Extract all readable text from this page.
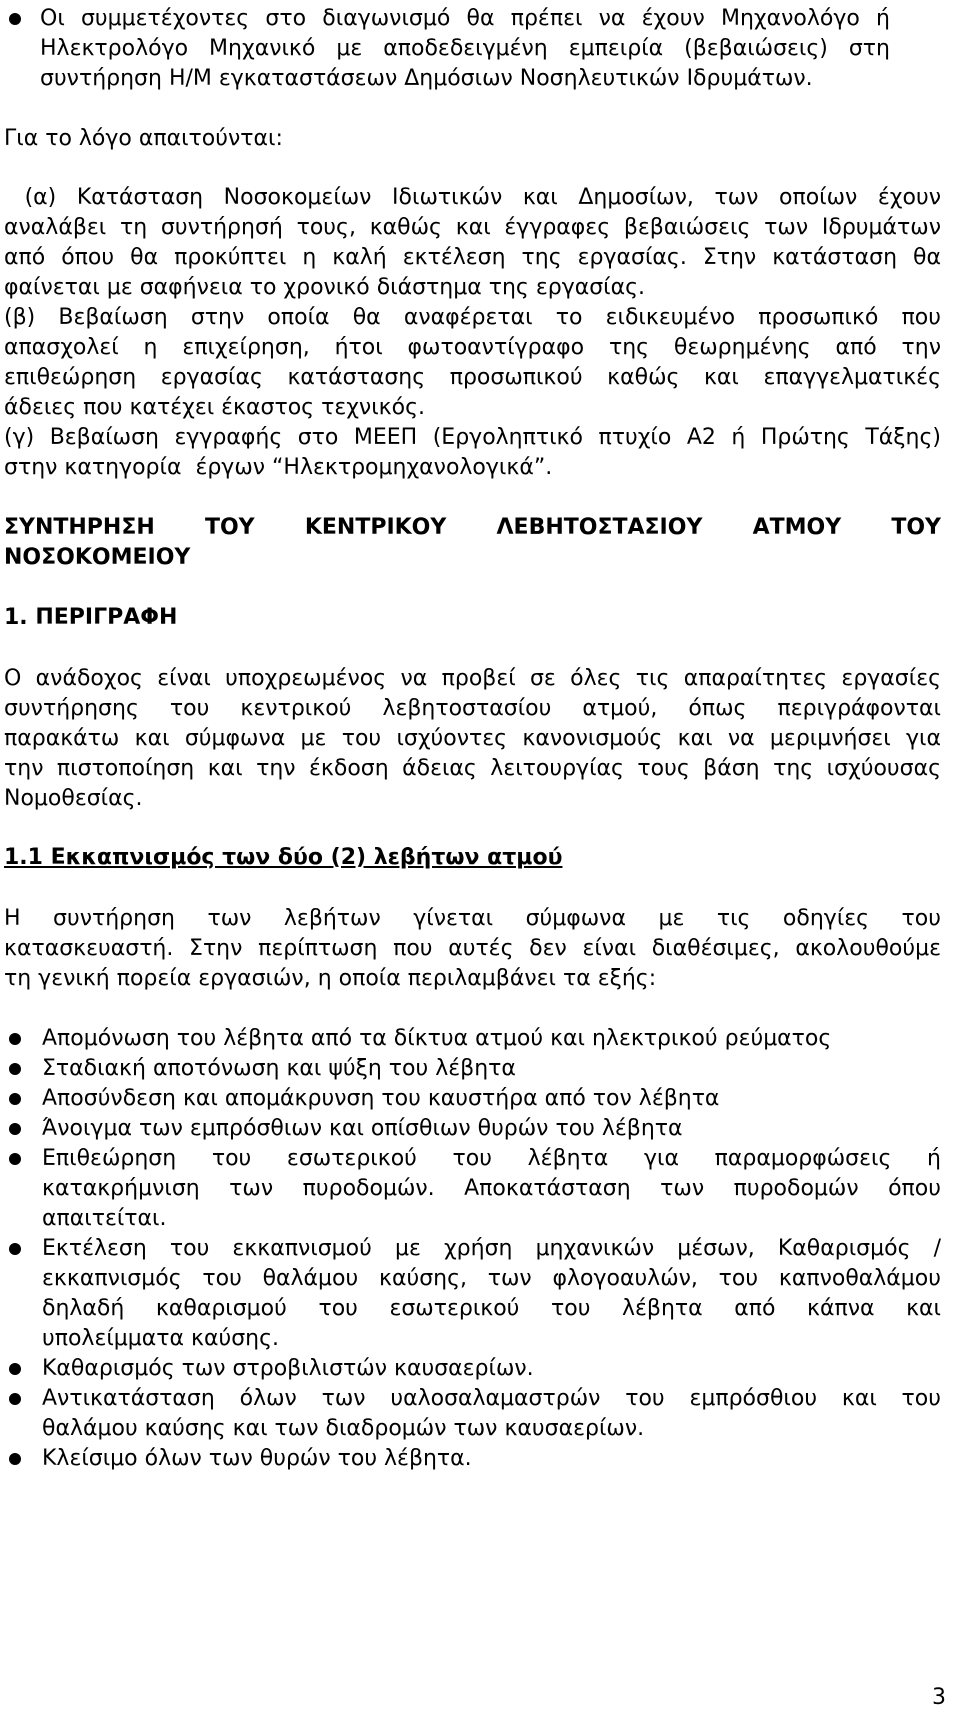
Οι συμμετέχοντες στο διαγωνισμό θα πρέπει να έχουν Μηχανολόγο ή
Ηλεκτρολόγο Μηχανικό με αποδεδειγμένη εμπειρία (βεβαιώσεις) στη
συντήρηση Η/Μ εγκαταστάσεων Δημόσιων Νοσηλευτικών Ιδρυμάτων.
Για το λόγο απαιτούνται:
(α) Κατάσταση Νοσοκομείων Ιδιωτικών και Δημοσίων, των οποίων έχουν
αναλάβει τη συντήρησή τους, καθώς και έγγραφες βεβαιώσεις των Ιδρυμάτων
από όπου θα προκύπτει η καλή εκτέλεση της εργασίας. Στην κατάσταση θα
φαίνεται με σαφήνεια το χρονικό διάστημα της εργασίας.
(β) Βεβαίωση στην οποία θα αναφέρεται το ειδικευμένο προσωπικό που
απασχολεί η επιχείρηση, ήτοι φωτοαντίγραφο της θεωρημένης από την
επιθεώρηση εργασίας κατάστασης προσωπικού καθώς και επαγγελματικές
άδειες που κατέχει έκαστος τεχνικός.
(γ) Βεβαίωση εγγραφής στο ΜΕΕΠ (Εργοληπτικό πτυχίο Α2 ή Πρώτης Τάξης)
στην κατηγορία  έργων “Ηλεκτρομηχανολογικά”.
ΣΥΝΤΗΡΗΣΗ ΤΟΥ ΚΕΝΤΡΙΚΟΥ ΛΕΒΗΤΟΣΤΑΣΙΟΥ ΑΤΜΟΥ ΤΟΥ
ΝΟΣΟΚΟΜΕΙΟΥ
1. ΠΕΡΙΓΡΑΦΗ
Ο ανάδοχος είναι υποχρεωμένος να προβεί σε όλες τις απαραίτητες εργασίες
συντήρησης του κεντρικού λεβητοστασίου ατμού, όπως περιγράφονται
παρακάτω και σύμφωνα με του ισχύοντες κανονισμούς και να μεριμνήσει για
την πιστοποίηση και την έκδοση άδειας λειτουργίας τους βάση της ισχύουσας
Νομοθεσίας.
1.1 Εκκαπνισμός των δύο (2) λεβήτων ατμού
Η συντήρηση των λεβήτων γίνεται σύμφωνα με τις οδηγίες του
κατασκευαστή. Στην περίπτωση που αυτές δεν είναι διαθέσιμες, ακολουθούμε
τη γενική πορεία εργασιών, η οποία περιλαμβάνει τα εξής:
Απομόνωση του λέβητα από τα δίκτυα ατμού και ηλεκτρικού ρεύματος
Σταδιακή αποτόνωση και ψύξη του λέβητα
Αποσύνδεση και απομάκρυνση του καυστήρα από τον λέβητα
Άνοιγμα των εμπρόσθιων και οπίσθιων θυρών του λέβητα
Επιθεώρηση του εσωτερικού του λέβητα για παραμορφώσεις ή
κατακρήμνιση των πυροδομών. Αποκατάσταση των πυροδομών όπου
απαιτείται.
Εκτέλεση του εκκαπνισμού με χρήση μηχανικών μέσων, Καθαρισμός /
εκκαπνισμός του θαλάμου καύσης, των φλογοαυλών, του καπνοθαλάμου
δηλαδή καθαρισμού του εσωτερικού του λέβητα από κάπνα και
υπολείμματα καύσης.
Καθαρισμός των στροβιλιστών καυσαερίων.
Αντικατάσταση όλων των υαλοσαλαμαστρών του εμπρόσθιου και του
θαλάμου καύσης και των διαδρομών των καυσαερίων.
Κλείσιμο όλων των θυρών του λέβητα.
3
